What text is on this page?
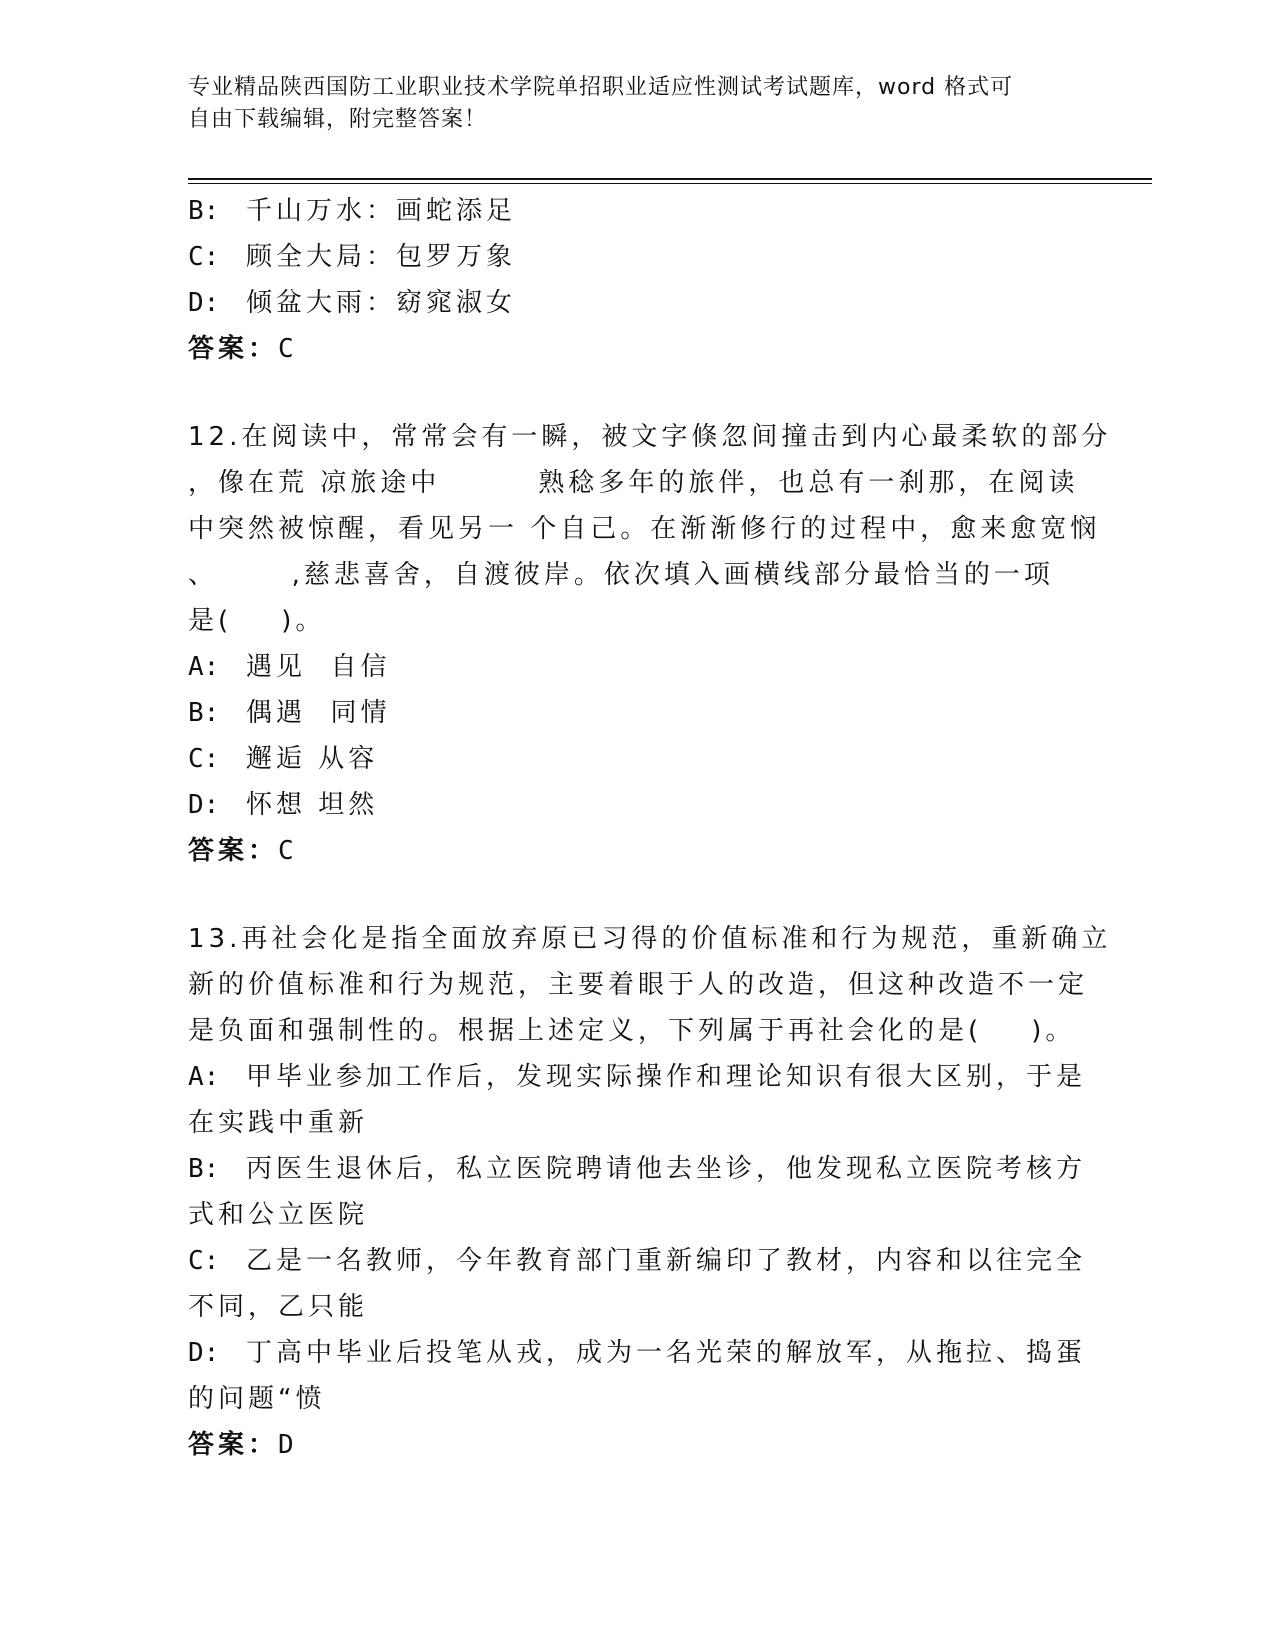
专业精品陕西国防工业职业技术学院单招职业适应性测试考试题库，word 格式可
自由下载编辑，附完整答案！
B: 千山万水：画蛇添足
C: 顾全大局：包罗万象
D: 倾盆大雨：窈窕淑女
答案：C
12.在阅读中，常常会有一瞬，被文字倏忽间撞击到内心最柔软的部分
，像在荒 凉旅途中        熟稔多年的旅伴，也总有一刹那，在阅读
中突然被惊醒，看见另一 个自己。在渐渐修行的过程中，愈来愈宽悯
、      ,慈悲喜舍，自渡彼岸。依次填入画横线部分最恰当的一项
是(    )。
A: 遇见  自信
B: 偶遇  同情
C: 邂逅 从容
D: 怀想 坦然
答案：C
13.再社会化是指全面放弃原已习得的价值标准和行为规范，重新确立
新的价值标准和行为规范，主要着眼于人的改造，但这种改造不一定
是负面和强制性的。根据上述定义，下列属于再社会化的是(    )。
A: 甲毕业参加工作后，发现实际操作和理论知识有很大区别，于是
在实践中重新
B: 丙医生退休后，私立医院聘请他去坐诊，他发现私立医院考核方
式和公立医院
C: 乙是一名教师，今年教育部门重新编印了教材，内容和以往完全
不同，乙只能
D: 丁高中毕业后投笔从戎，成为一名光荣的解放军，从拖拉、捣蛋
的问题“愤
答案：D
